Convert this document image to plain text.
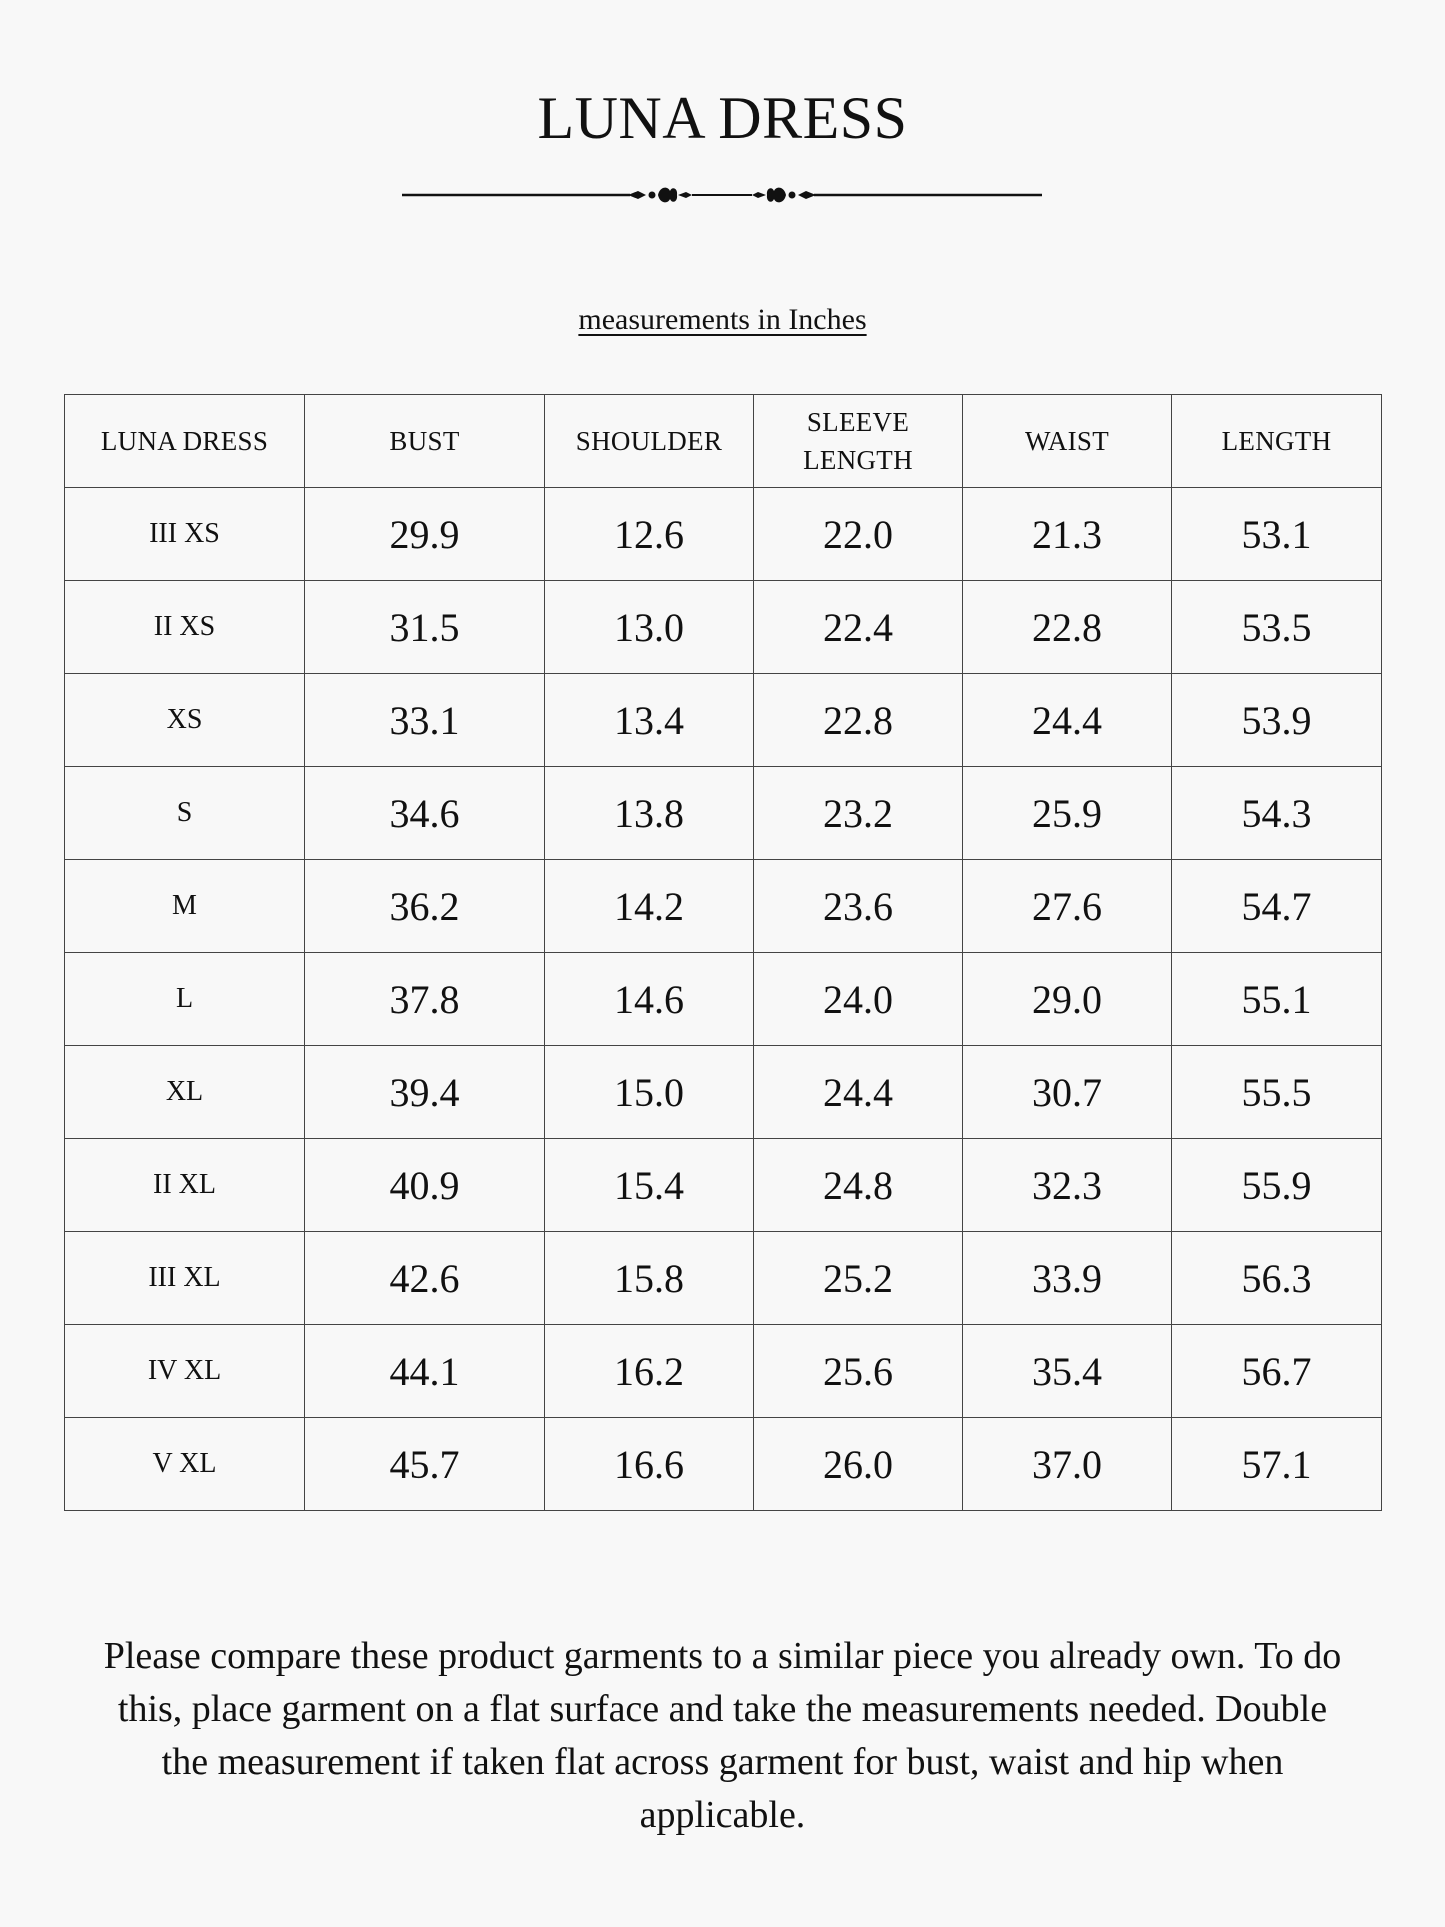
LUNA DRESS
measurements in Inches
LUNA DRESS	BUST	SHOULDER	SLEEVE LENGTH	WAIST	LENGTH
III XS	29.9	12.6	22.0	21.3	53.1
II XS	31.5	13.0	22.4	22.8	53.5
XS	33.1	13.4	22.8	24.4	53.9
S	34.6	13.8	23.2	25.9	54.3
M	36.2	14.2	23.6	27.6	54.7
L	37.8	14.6	24.0	29.0	55.1
XL	39.4	15.0	24.4	30.7	55.5
II XL	40.9	15.4	24.8	32.3	55.9
III XL	42.6	15.8	25.2	33.9	56.3
IV XL	44.1	16.2	25.6	35.4	56.7
V XL	45.7	16.6	26.0	37.0	57.1
Please compare these product garments to a similar piece you already own. To do this, place garment on a flat surface and take the measurements needed. Double the measurement if taken flat across garment for bust, waist and hip when applicable.
